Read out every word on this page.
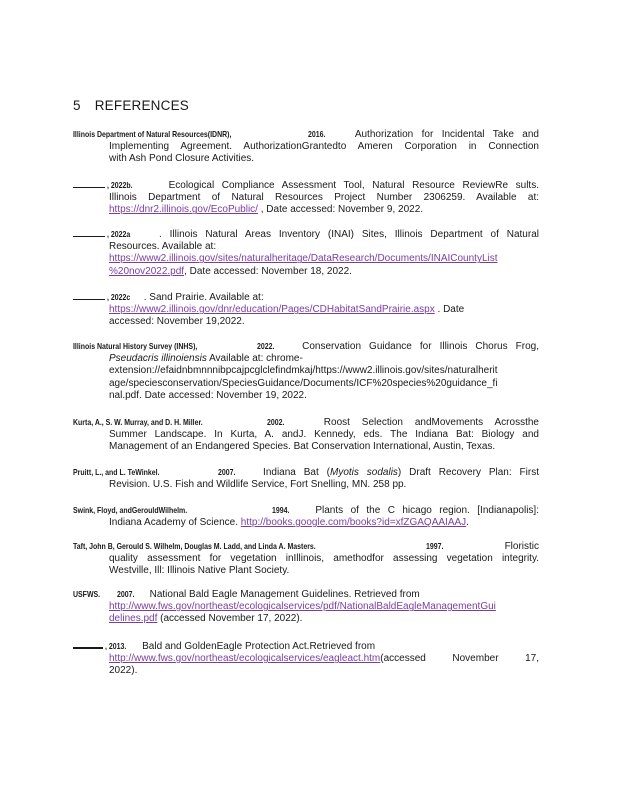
5 REFERENCES
Illinois Department of Natural Resources(IDNR),	2016.	Authorization for Incidental Take and
Implementing Agreement. AuthorizationGrantedto Ameren Corporation in Connection
with Ash Pond Closure Activities.
, 2022b.	Ecological Compliance Assessment Tool, Natural Resource ReviewRe sults.
Illinois Department of Natural Resources Project Number 2306259. Available at:
https://dnr2.illinois.gov/EcoPublic/ , Date accessed: November 9, 2022.
, 2022a	. Illinois Natural Areas Inventory (INAI) Sites, Illinois Department of Natural
Resources. Available at:
https://www2.illinois.gov/sites/naturalheritage/DataResearch/Documents/INAICountyList
%20nov2022.pdf, Date accessed: November 18, 2022.
, 2022c . Sand Prairie. Available at:
https://www2.illinois.gov/dnr/education/Pages/CDHabitatSandPrairie.aspx . Date
accessed: November 19,2022.
Illinois Natural History Survey (INHS),	2022.	Conservation Guidance for Illinois Chorus Frog,
Pseudacris illinoiensis Available at: chrome-
extension://efaidnbmnnnibpcajpcglclefindmkaj/https://www2.illinois.gov/sites/naturalherit
age/speciesconservation/SpeciesGuidance/Documents/ICF%20species%20guidance_fi
nal.pdf. Date accessed: November 19, 2022.
Kurta, A., S. W. Murray, and D. H. Miller.	2002.	Roost Selection andMovements Acrossthe
Summer Landscape. In Kurta, A. andJ. Kennedy, eds. The Indiana Bat: Biology and
Management of an Endangered Species. Bat Conservation International, Austin, Texas.
Pruitt, L., and L. TeWinkel.	2007.	Indiana Bat (Myotis sodalis) Draft Recovery Plan: First
Revision. U.S. Fish and Wildlife Service, Fort Snelling, MN. 258 pp.
Swink, Floyd, andGerouldWilhelm.	1994.	Plants of the C hicago region. [Indianapolis]:
Indiana Academy of Science. http://books.google.com/books?id=xfZGAQAAIAAJ.
Taft, John B, Gerould S. Wilhelm, Douglas M. Ladd, and Linda A. Masters.	1997.	Floristic
quality assessment for vegetation inIllinois, amethodfor assessing vegetation integrity.
Westville, Ill: Illinois Native Plant Society.
USFWS. 2007. National Bald Eagle Management Guidelines. Retrieved from
http://www.fws.gov/northeast/ecologicalservices/pdf/NationalBaldEagleManagementGui
delines.pdf (accessed November 17, 2022).
, 2013. Bald and GoldenEagle Protection Act.Retrieved from
http://www.fws.gov/northeast/ecologicalservices/eagleact.htm(accessed November 17,
2022).
